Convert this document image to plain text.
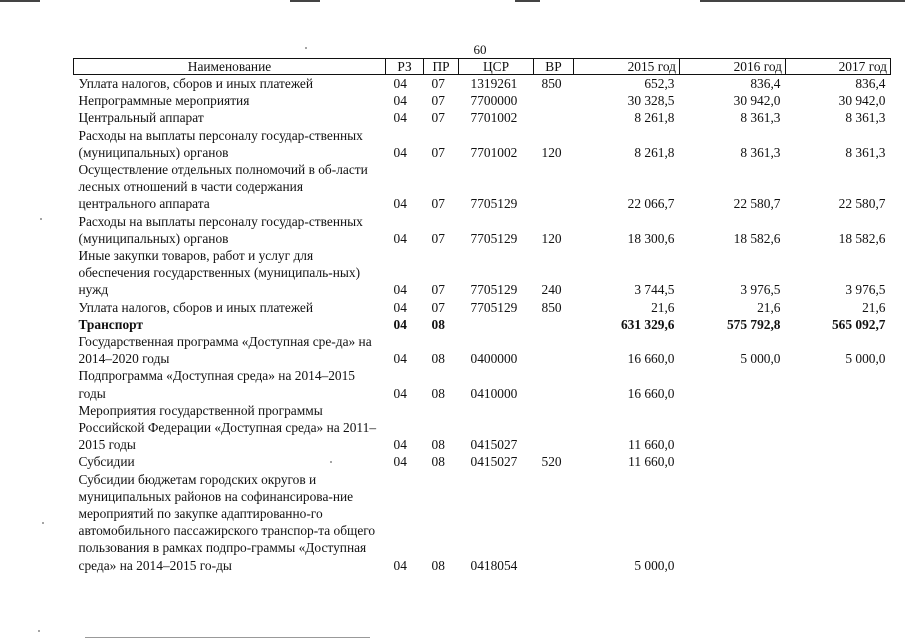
60
Наименование	РЗ	ПР	ЦСР	ВР	2015 год	2016 год	2017 год
Уплата налогов, сборов и иных платежей	04	07	1319261	850	652,3	836,4	836,4
Непрограммные мероприятия	04	07	7700000		30 328,5	30 942,0	30 942,0
Центральный аппарат	04	07	7701002		8 261,8	8 361,3	8 361,3
Расходы на выплаты персоналу государ-ственных (муниципальных) органов	04	07	7701002	120	8 261,8	8 361,3	8 361,3
Осуществление отдельных полномочий в об-ласти лесных отношений в части содержания центрального аппарата	04	07	7705129		22 066,7	22 580,7	22 580,7
Расходы на выплаты персоналу государ-ственных (муниципальных) органов	04	07	7705129	120	18 300,6	18 582,6	18 582,6
Иные закупки товаров, работ и услуг для обеспечения государственных (муниципаль-ных) нужд	04	07	7705129	240	3 744,5	3 976,5	3 976,5
Уплата налогов, сборов и иных платежей	04	07	7705129	850	21,6	21,6	21,6
Транспорт	04	08			631 329,6	575 792,8	565 092,7
Государственная программа «Доступная сре-да» на 2014–2020 годы	04	08	0400000		16 660,0	5 000,0	5 000,0
Подпрограмма «Доступная среда» на 2014–2015 годы	04	08	0410000		16 660,0		
Мероприятия государственной программы Российской Федерации «Доступная среда» на 2011–2015 годы	04	08	0415027		11 660,0		
Субсидии	04	08	0415027	520	11 660,0		
Субсидии бюджетам городских округов и муниципальных районов на софинансирова-ние мероприятий по закупке адаптированно-го автомобильного пассажирского транспор-та общего пользования в рамках подпро-граммы «Доступная среда» на 2014–2015 го-ды	04	08	0418054		5 000,0		
